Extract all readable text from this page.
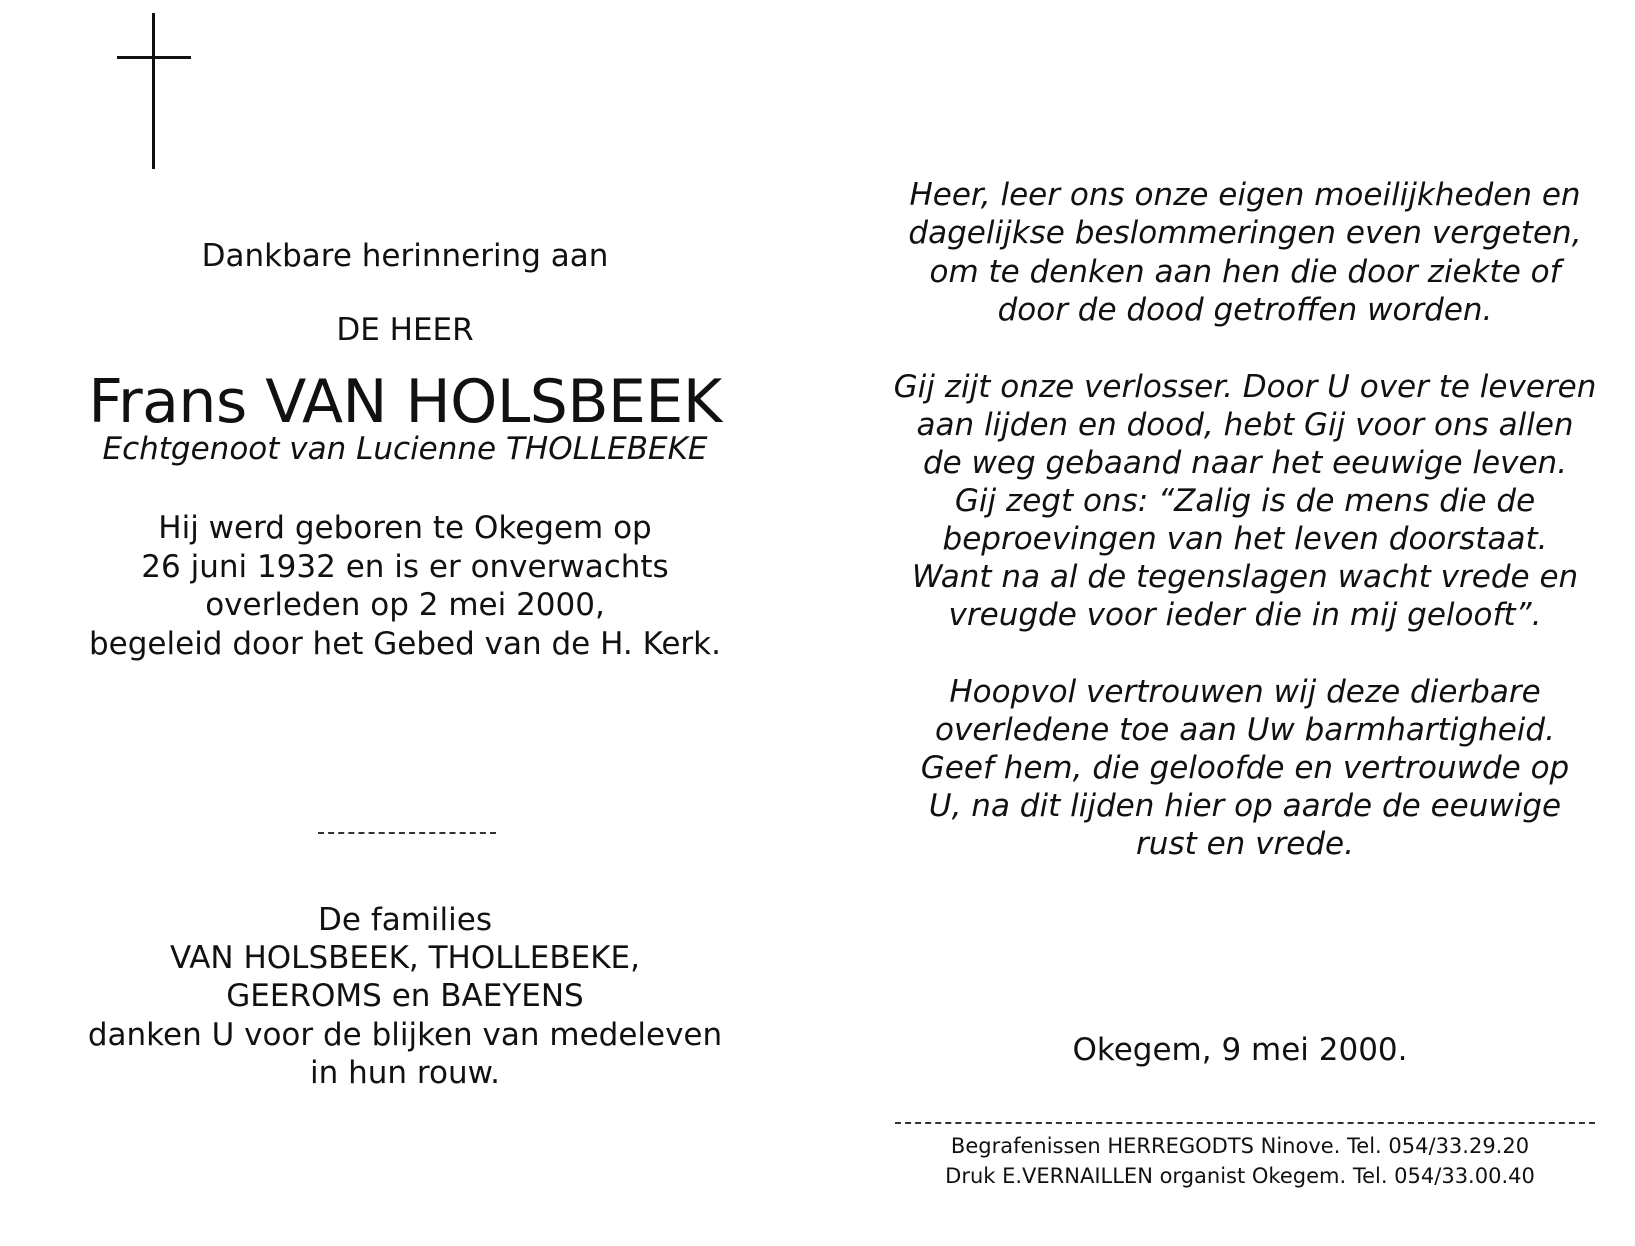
Dankbare herinnering aan
DE HEER
Frans VAN HOLSBEEK
Echtgenoot van Lucienne THOLLEBEKE
Hij werd geboren te Okegem op
26 juni 1932 en is er onverwachts
overleden op 2 mei 2000,
begeleid door het Gebed van de H. Kerk.
De families
VAN HOLSBEEK, THOLLEBEKE,
GEEROMS en BAEYENS
danken U voor de blijken van medeleven
in hun rouw.
Heer, leer ons onze eigen moeilijkheden en
dagelijkse beslommeringen even vergeten,
om te denken aan hen die door ziekte of
door de dood getroffen worden.
Gij zijt onze verlosser. Door U over te leveren
aan lijden en dood, hebt Gij voor ons allen
de weg gebaand naar het eeuwige leven.
Gij zegt ons: “Zalig is de mens die de
beproevingen van het leven doorstaat.
Want na al de tegenslagen wacht vrede en
vreugde voor ieder die in mij gelooft”.
Hoopvol vertrouwen wij deze dierbare
overledene toe aan Uw barmhartigheid.
Geef hem, die geloofde en vertrouwde op
U, na dit lijden hier op aarde de eeuwige
rust en vrede.
Okegem, 9 mei 2000.
Begrafenissen HERREGODTS Ninove. Tel. 054/33.29.20
Druk E.VERNAILLEN organist Okegem. Tel. 054/33.00.40
